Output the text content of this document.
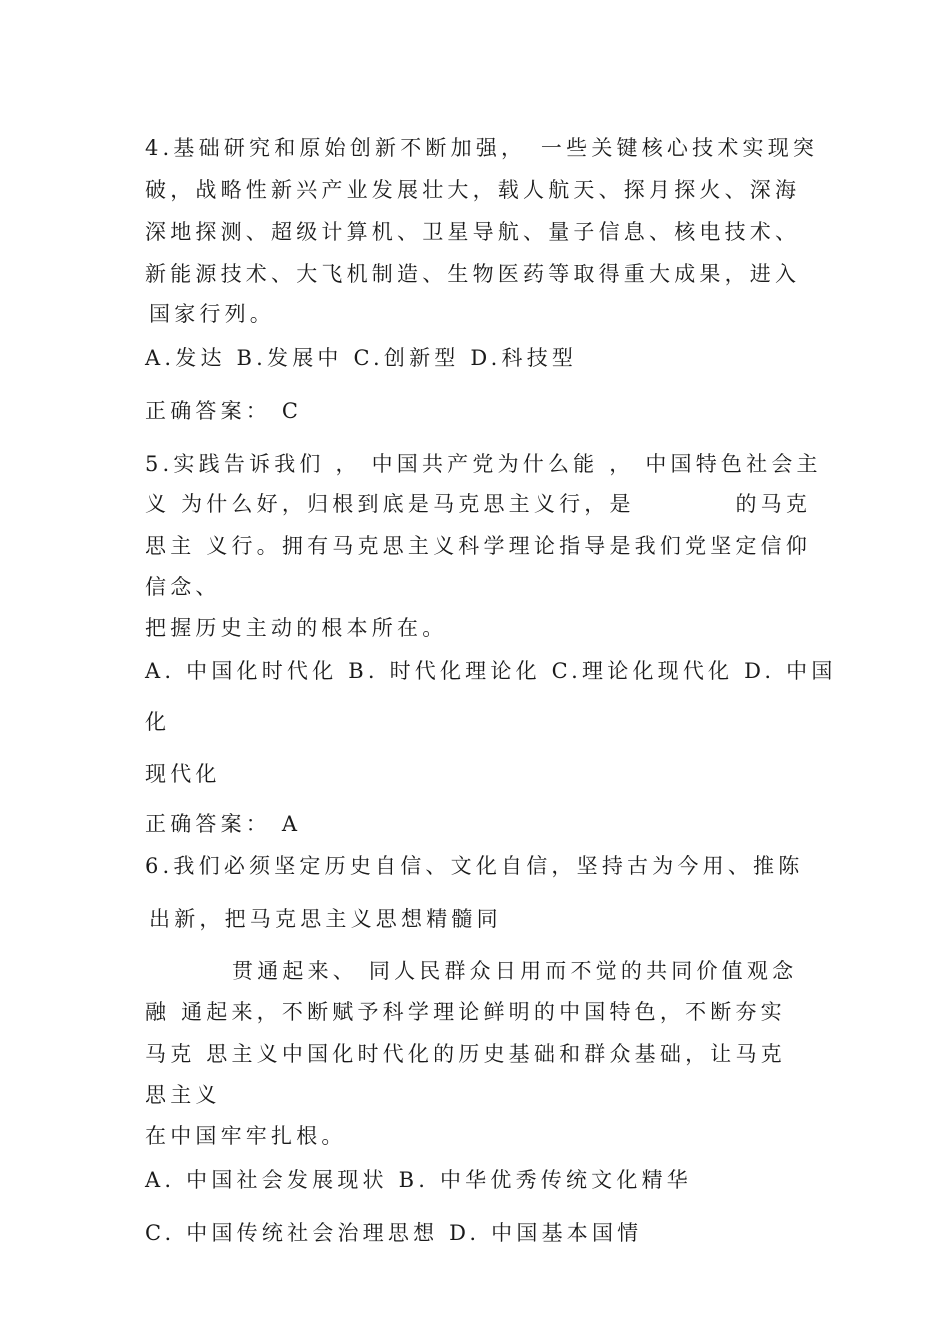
4.基础研究和原始创新不断加强，　一些关键核心技术实现突
破，战略性新兴产业发展壮大，载人航天、探月探火、深海
深地探测、超级计算机、卫星导航、量子信息、核电技术、
新能源技术、大飞机制造、生物医药等取得重大成果，进入
国家行列。
A.发达 B.发展中 C.创新型 D.科技型
正确答案： C
5.实践告诉我们 ， 中国共产党为什么能 ， 中国特色社会主
义 为什么好，归根到底是马克思主义行，是　　　　的马克
思主 义行。拥有马克思主义科学理论指导是我们党坚定信仰
信念、
把握历史主动的根本所在。
A. 中国化时代化 B. 时代化理论化 C.理论化现代化 D. 中国
化
现代化
正确答案： A
6.我们必须坚定历史自信、文化自信，坚持古为今用、推陈
出新，把马克思主义思想精髓同
贯通起来、 同人民群众日用而不觉的共同价值观念
融 通起来，不断赋予科学理论鲜明的中国特色，不断夯实
马克 思主义中国化时代化的历史基础和群众基础，让马克
思主义
在中国牢牢扎根。
A. 中国社会发展现状 B. 中华优秀传统文化精华
C. 中国传统社会治理思想 D. 中国基本国情
